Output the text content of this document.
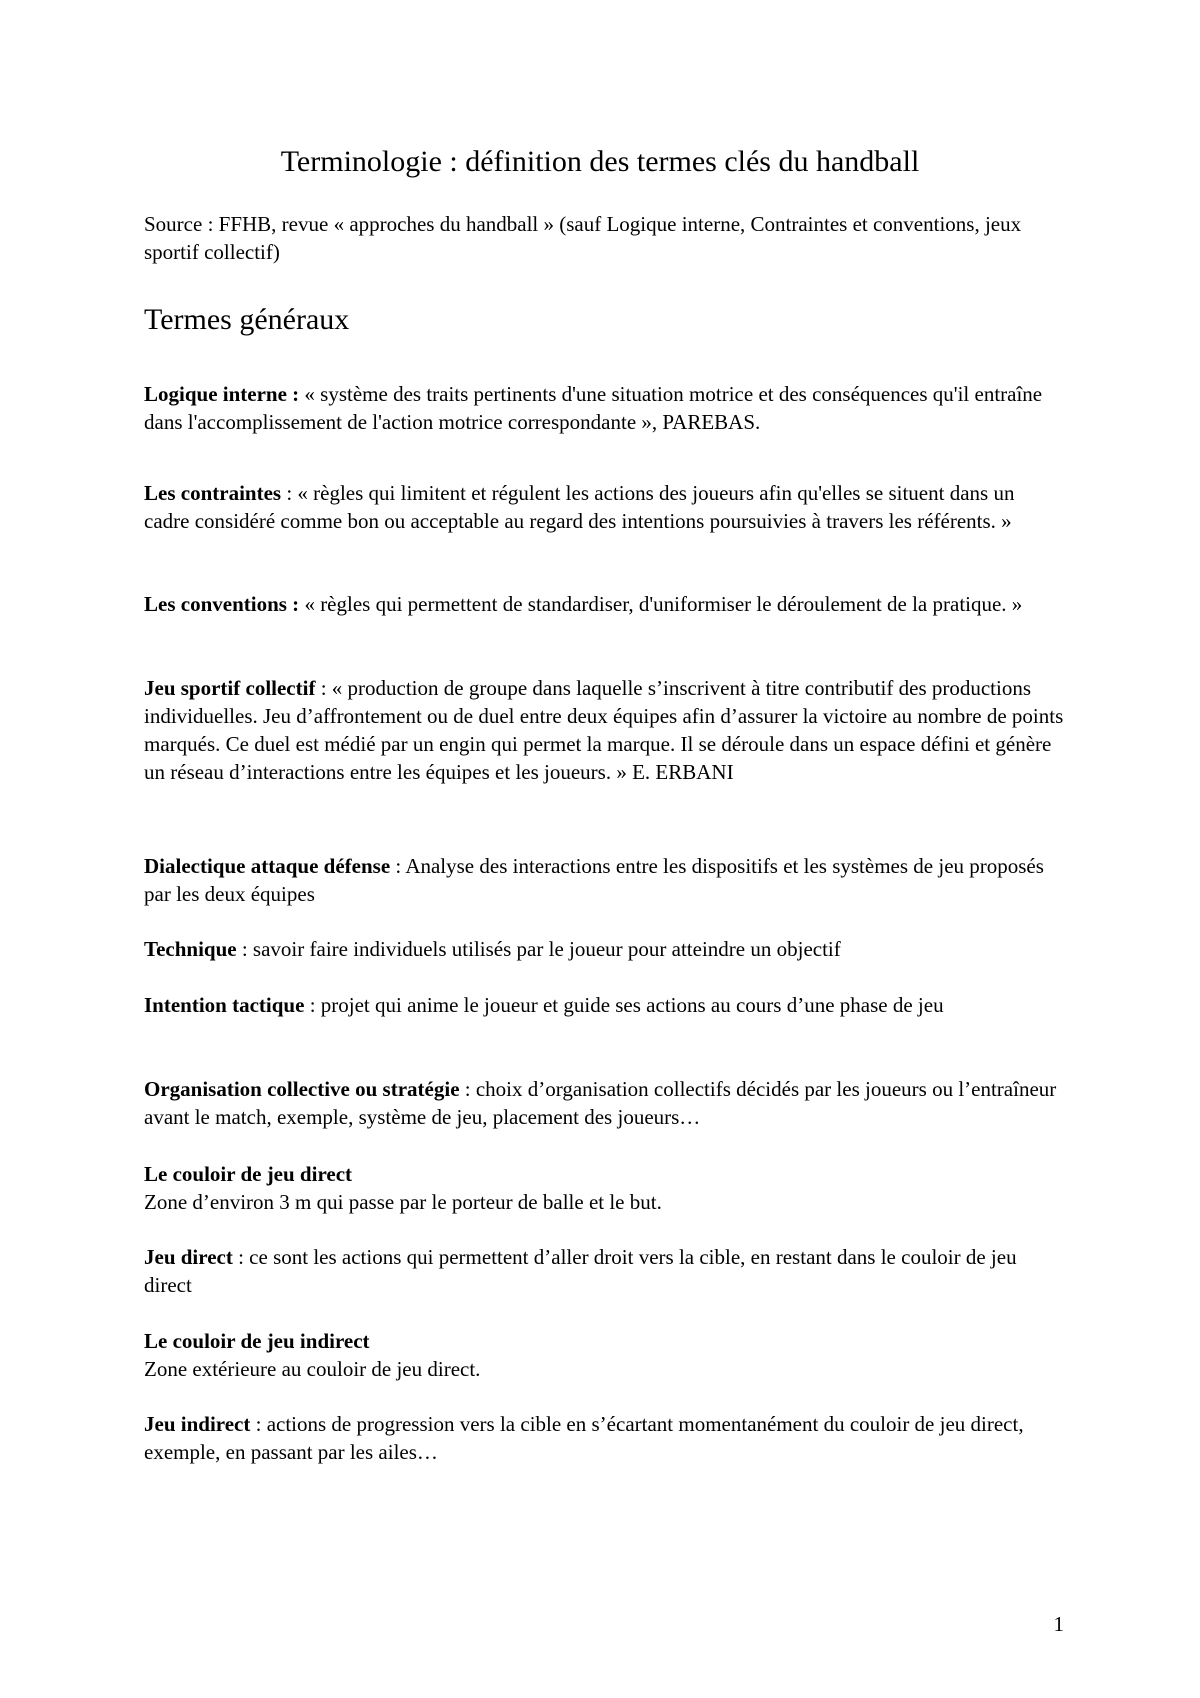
Terminologie : définition des termes clés du handball

Source : FFHB, revue « approches du handball » (sauf Logique interne, Contraintes et conventions, jeux sportif collectif)

Termes généraux

Logique interne : « système des traits pertinents d'une situation motrice et des conséquences qu'il entraîne dans l'accomplissement de l'action motrice correspondante », PAREBAS.

Les contraintes : « règles qui limitent et régulent les actions des joueurs afin qu'elles se situent dans un cadre considéré comme bon ou acceptable au regard des intentions poursuivies à travers les référents. »

Les conventions : « règles qui permettent de standardiser, d'uniformiser le déroulement de la pratique. »

Jeu sportif collectif : « production de groupe dans laquelle s’inscrivent à titre contributif des productions individuelles. Jeu d’affrontement ou de duel entre deux équipes afin d’assurer la victoire au nombre de points marqués. Ce duel est médié par un engin qui permet la marque. Il se déroule dans un espace défini et génère un réseau d’interactions entre les équipes et les joueurs. » E. ERBANI

Dialectique attaque défense : Analyse des interactions entre les dispositifs et les systèmes de jeu proposés par les deux équipes

Technique : savoir faire individuels utilisés par le joueur pour atteindre un objectif

Intention tactique : projet qui anime le joueur et guide ses actions au cours d’une phase de jeu

Organisation collective ou stratégie : choix d’organisation collectifs décidés par les joueurs ou l’entraîneur avant le match, exemple, système de jeu, placement des joueurs…

Le couloir de jeu direct
Zone d’environ 3 m qui passe par le porteur de balle et le but.

Jeu direct : ce sont les actions qui permettent d’aller droit vers la cible, en restant dans le couloir de jeu direct

Le couloir de jeu indirect
Zone extérieure au couloir de jeu direct.

Jeu indirect : actions de progression vers la cible en s’écartant momentanément du couloir de jeu direct, exemple, en passant par les ailes…

1
